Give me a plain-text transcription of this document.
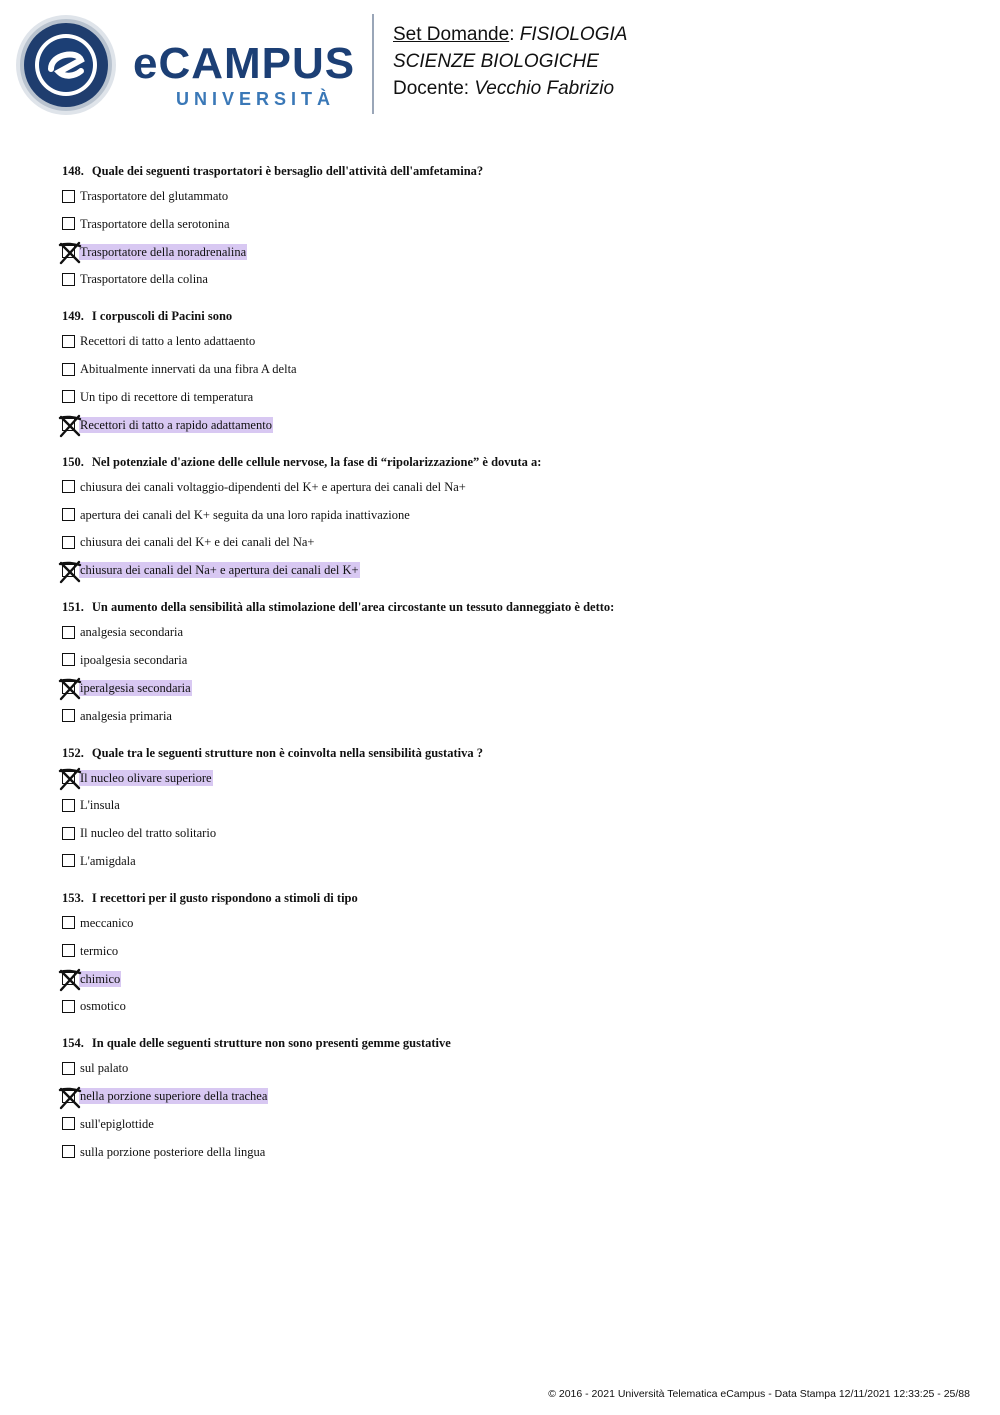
eCAMPUS
UNIVERSITÀ
Set Domande: FISIOLOGIA
SCIENZE BIOLOGICHE
Docente: Vecchio Fabrizio
148. Quale dei seguenti trasportatori è bersaglio dell'attività dell'amfetamina?
Trasportatore del glutammato
Trasportatore della serotonina
Trasportatore della noradrenalina
Trasportatore della colina
149. I corpuscoli di Pacini sono
Recettori di tatto a lento adattaento
Abitualmente innervati da una fibra A delta
Un tipo di recettore di temperatura
Recettori di tatto a rapido adattamento
150. Nel potenziale d'azione delle cellule nervose, la fase di “ripolarizzazione” è dovuta a:
chiusura dei canali voltaggio-dipendenti del K+ e apertura dei canali del Na+
apertura dei canali del K+ seguita da una loro rapida inattivazione
chiusura dei canali del K+ e dei canali del Na+
chiusura dei canali del Na+ e apertura dei canali del K+
151. Un aumento della sensibilità alla stimolazione dell'area circostante un tessuto danneggiato è detto:
analgesia secondaria
ipoalgesia secondaria
iperalgesia secondaria
analgesia primaria
152. Quale tra le seguenti strutture non è coinvolta nella sensibilità gustativa ?
Il nucleo olivare superiore
L'insula
Il nucleo del tratto solitario
L'amigdala
153. I recettori per il gusto rispondono a stimoli di tipo
meccanico
termico
chimico
osmotico
154. In quale delle seguenti strutture non sono presenti gemme gustative
sul palato
nella porzione superiore della trachea
sull'epiglottide
sulla porzione posteriore della lingua
© 2016 - 2021 Università Telematica eCampus - Data Stampa 12/11/2021 12:33:25 - 25/88
